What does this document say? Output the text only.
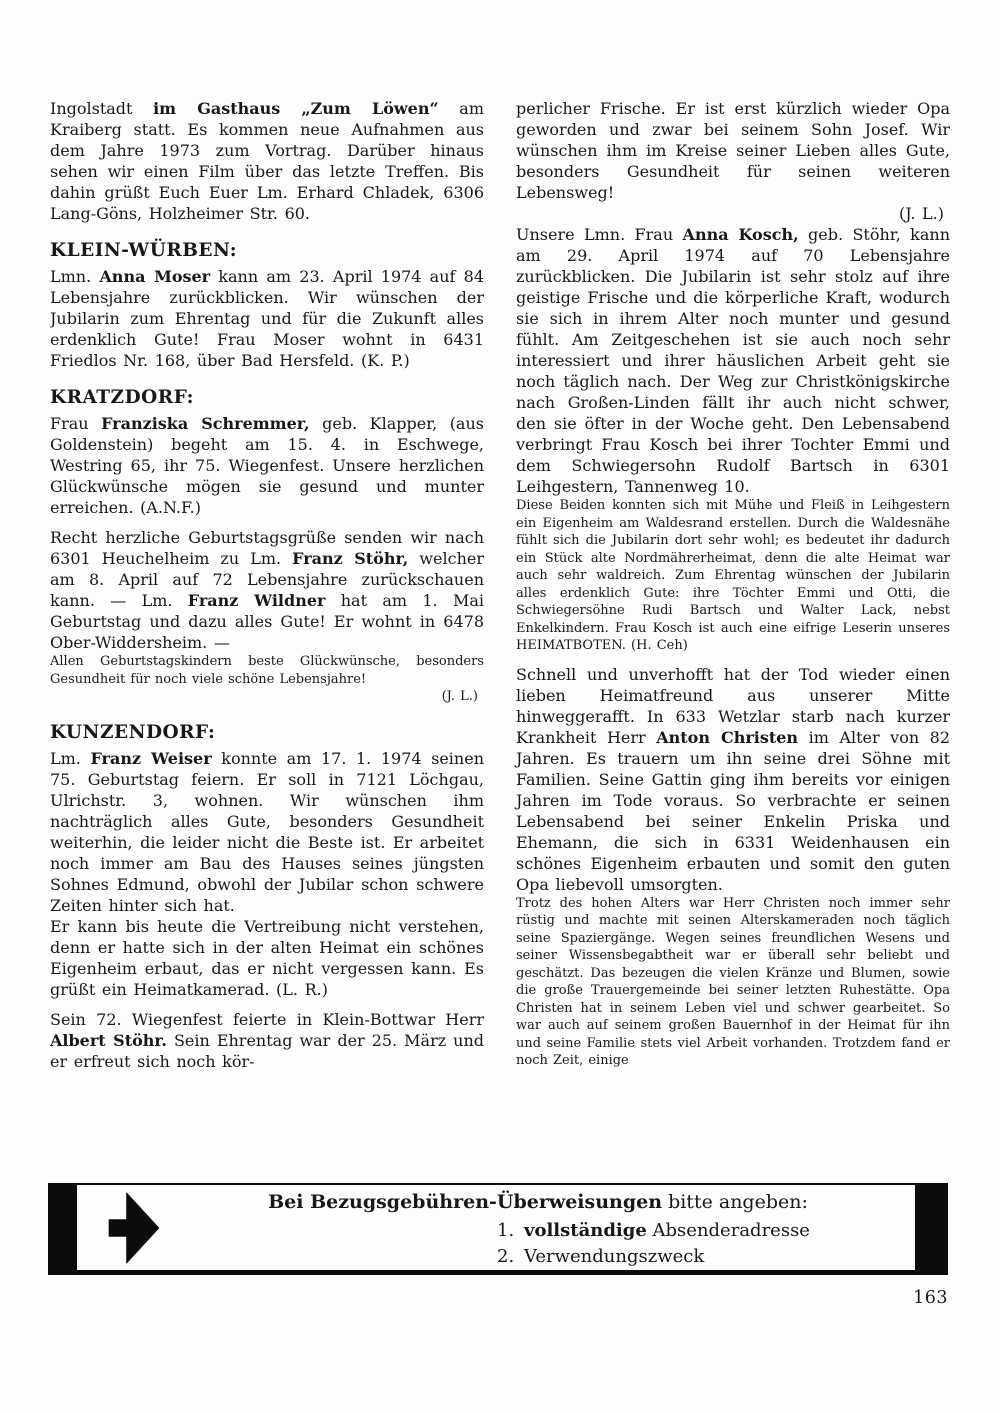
Ingolstadt im Gasthaus „Zum Löwen“ am Kraiberg statt. Es kommen neue Aufnahmen aus dem Jahre 1973 zum Vortrag. Darüber hinaus sehen wir einen Film über das letzte Treffen. Bis dahin grüßt Euch Euer Lm. Erhard Chladek, 6306 Lang-Göns, Holzheimer Str. 60.
KLEIN-WÜRBEN:
Lmn. Anna Moser kann am 23. April 1974 auf 84 Lebensjahre zurückblicken. Wir wünschen der Jubilarin zum Ehrentag und für die Zukunft alles erdenklich Gute! Frau Moser wohnt in 6431 Friedlos Nr. 168, über Bad Hersfeld. (K. P.)
KRATZDORF:
Frau Franziska Schremmer, geb. Klapper, (aus Goldenstein) begeht am 15. 4. in Eschwege, Westring 65, ihr 75. Wiegenfest. Unsere herzlichen Glückwünsche mögen sie gesund und munter erreichen. (A.N.F.)
Recht herzliche Geburtstagsgrüße senden wir nach 6301 Heuchelheim zu Lm. Franz Stöhr, welcher am 8. April auf 72 Lebensjahre zurückschauen kann. — Lm. Franz Wildner hat am 1. Mai Geburtstag und dazu alles Gute! Er wohnt in 6478 Ober-Widdersheim. —
Allen Geburtstagskindern beste Glückwünsche, besonders Gesundheit für noch viele schöne Lebensjahre!
(J. L.)
KUNZENDORF:
Lm. Franz Weiser konnte am 17. 1. 1974 seinen 75. Geburtstag feiern. Er soll in 7121 Löchgau, Ulrichstr. 3, wohnen. Wir wünschen ihm nachträglich alles Gute, besonders Gesundheit weiterhin, die leider nicht die Beste ist. Er arbeitet noch immer am Bau des Hauses seines jüngsten Sohnes Edmund, obwohl der Jubilar schon schwere Zeiten hinter sich hat.
Er kann bis heute die Vertreibung nicht verstehen, denn er hatte sich in der alten Heimat ein schönes Eigenheim erbaut, das er nicht vergessen kann. Es grüßt ein Heimatkamerad. (L. R.)
Sein 72. Wiegenfest feierte in Klein-Bottwar Herr Albert Stöhr. Sein Ehrentag war der 25. März und er erfreut sich noch kör-
perlicher Frische. Er ist erst kürzlich wieder Opa geworden und zwar bei seinem Sohn Josef. Wir wünschen ihm im Kreise seiner Lieben alles Gute, besonders Gesundheit für seinen weiteren Lebensweg!
(J. L.)
Unsere Lmn. Frau Anna Kosch, geb. Stöhr, kann am 29. April 1974 auf 70 Lebensjahre zurückblicken. Die Jubilarin ist sehr stolz auf ihre geistige Frische und die körperliche Kraft, wodurch sie sich in ihrem Alter noch munter und gesund fühlt. Am Zeitgeschehen ist sie auch noch sehr interessiert und ihrer häuslichen Arbeit geht sie noch täglich nach. Der Weg zur Christkönigskirche nach Großen-Linden fällt ihr auch nicht schwer, den sie öfter in der Woche geht. Den Lebensabend verbringt Frau Kosch bei ihrer Tochter Emmi und dem Schwiegersohn Rudolf Bartsch in 6301 Leihgestern, Tannenweg 10.
Diese Beiden konnten sich mit Mühe und Fleiß in Leihgestern ein Eigenheim am Waldesrand erstellen. Durch die Waldesnähe fühlt sich die Jubilarin dort sehr wohl; es bedeutet ihr dadurch ein Stück alte Nordmährerheimat, denn die alte Heimat war auch sehr waldreich. Zum Ehrentag wünschen der Jubilarin alles erdenklich Gute: ihre Töchter Emmi und Otti, die Schwiegersöhne Rudi Bartsch und Walter Lack, nebst Enkelkindern. Frau Kosch ist auch eine eifrige Leserin unseres HEIMATBOTEN. (H. Ceh)
Schnell und unverhofft hat der Tod wieder einen lieben Heimatfreund aus unserer Mitte hinweggerafft. In 633 Wetzlar starb nach kurzer Krankheit Herr Anton Christen im Alter von 82 Jahren. Es trauern um ihn seine drei Söhne mit Familien. Seine Gattin ging ihm bereits vor einigen Jahren im Tode voraus. So verbrachte er seinen Lebensabend bei seiner Enkelin Priska und Ehemann, die sich in 6331 Weidenhausen ein schönes Eigenheim erbauten und somit den guten Opa liebevoll umsorgten.
Trotz des hohen Alters war Herr Christen noch immer sehr rüstig und machte mit seinen Alterskameraden noch täglich seine Spaziergänge. Wegen seines freundlichen Wesens und seiner Wissensbegabtheit war er überall sehr beliebt und geschätzt. Das bezeugen die vielen Kränze und Blumen, sowie die große Trauergemeinde bei seiner letzten Ruhestätte. Opa Christen hat in seinem Leben viel und schwer gearbeitet. So war auch auf seinem großen Bauernhof in der Heimat für ihn und seine Familie stets viel Arbeit vorhanden. Trotzdem fand er noch Zeit, einige
Bei Bezugsgebühren-Überweisungen bitte angeben:
1. vollständige Absenderadresse
2. Verwendungszweck
163
